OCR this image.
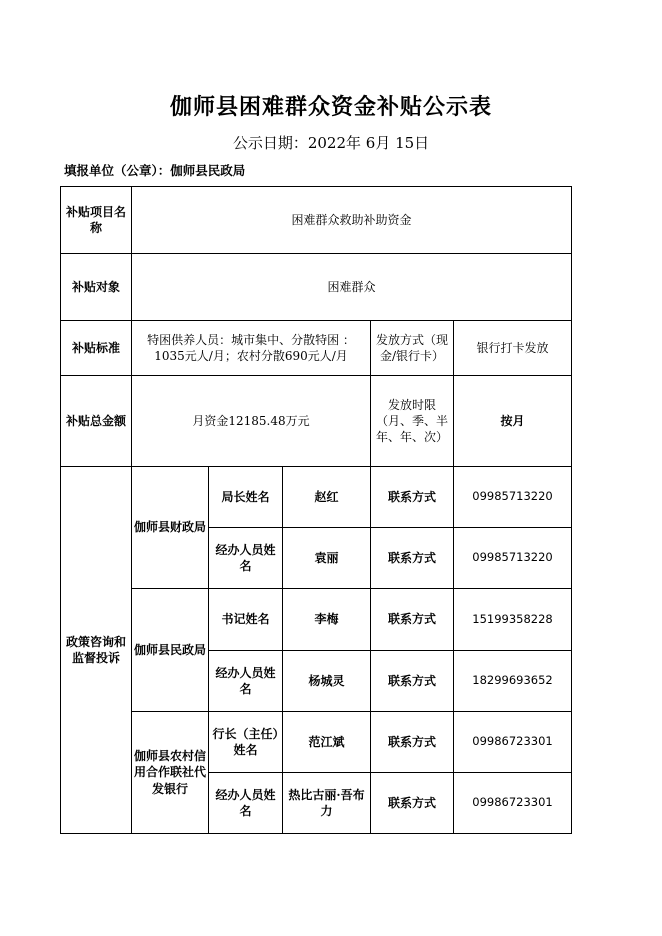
伽师县困难群众资金补贴公示表
公示日期：2022年 6月 15日
填报单位（公章）：伽师县民政局
补贴项目名称	困难群众救助补助资金				
补贴对象	困难群众				
补贴标准	特困供养人员：城市集中、分散特困 ：1035元人/月；农村分散690元人/月			发放方式（现金/银行卡）	银行打卡发放
补贴总金额	月资金12185.48万元			发放时限（月、季、半年、年、次）	按月
政策咨询和监督投诉	伽师县财政局	局长姓名	赵红	联系方式	09985713220
		经办人员姓名	袁丽	联系方式	09985713220
	伽师县民政局	书记姓名	李梅	联系方式	15199358228
		经办人员姓名	杨城灵	联系方式	18299693652
	伽师县农村信用合作联社代发银行	行长（主任）姓名	范江斌	联系方式	09986723301
		经办人员姓名	热比古丽·吾布力	联系方式	09986723301
